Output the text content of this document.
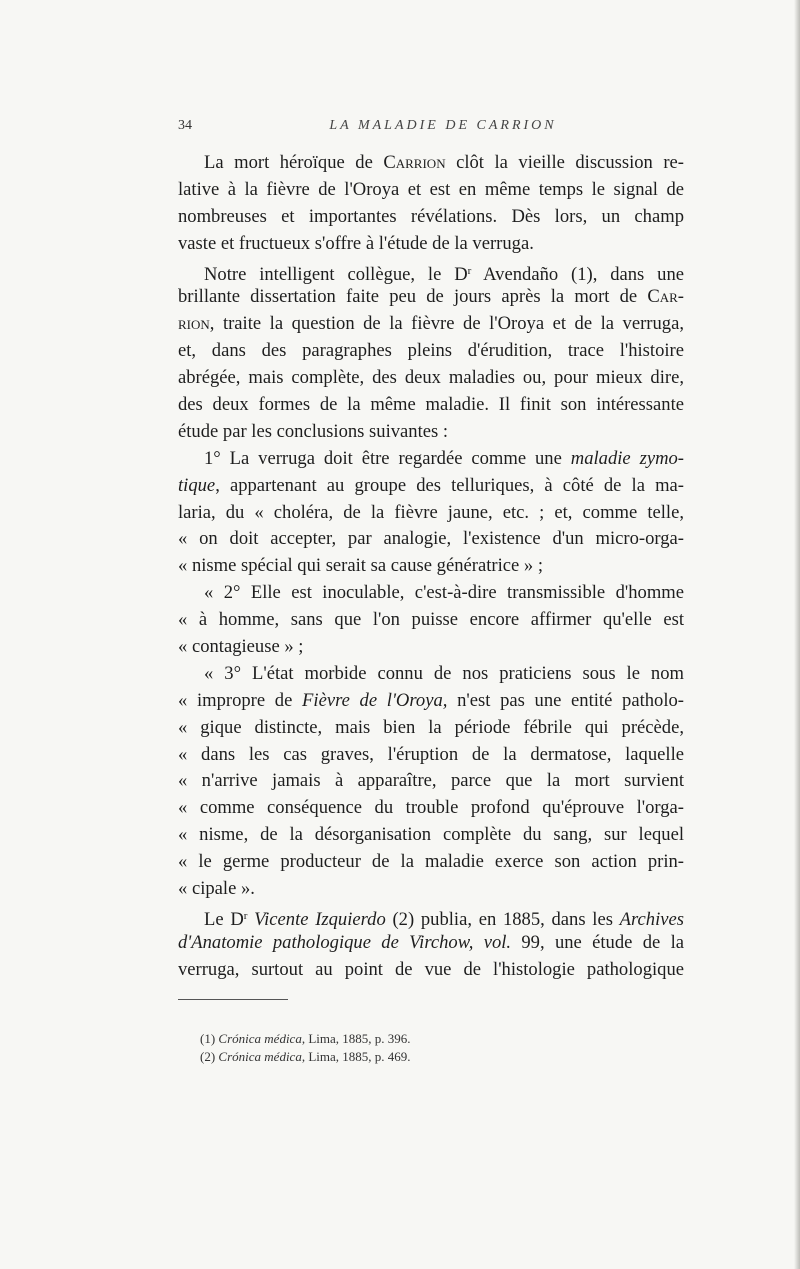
34	LA MALADIE DE CARRION
La mort héroïque de Carrion clôt la vieille discussion re-
lative à la fièvre de l'Oroya et est en même temps le signal de
nombreuses et importantes révélations. Dès lors, un champ
vaste et fructueux s'offre à l'étude de la verruga.
Notre intelligent collègue, le $D^r$ Avendaño (1), dans une
brillante dissertation faite peu de jours après la mort de Car-
rion, traite la question de la fièvre de l'Oroya et de la verruga,
et, dans des paragraphes pleins d'érudition, trace l'histoire
abrégée, mais complète, des deux maladies ou, pour mieux dire,
des deux formes de la même maladie. Il finit son intéressante
étude par les conclusions suivantes :
1° La verruga doit être regardée comme une maladie zymo-
tique, appartenant au groupe des telluriques, à côté de la ma-
laria, du « choléra, de la fièvre jaune, etc. ; et, comme telle,
« on doit accepter, par analogie, l'existence d'un micro-orga-
« nisme spécial qui serait sa cause génératrice » ;
« 2° Elle est inoculable, c'est-à-dire transmissible d'homme
« à homme, sans que l'on puisse encore affirmer qu'elle est
« contagieuse » ;
« 3° L'état morbide connu de nos praticiens sous le nom
« impropre de Fièvre de l'Oroya, n'est pas une entité patholo-
« gique distincte, mais bien la période fébrile qui précède,
« dans les cas graves, l'éruption de la dermatose, laquelle
« n'arrive jamais à apparaître, parce que la mort survient
« comme conséquence du trouble profond qu'éprouve l'orga-
« nisme, de la désorganisation complète du sang, sur lequel
« le germe producteur de la maladie exerce son action prin-
« cipale ».
Le $D^r$ Vicente Izquierdo (2) publia, en 1885, dans les Archives
d'Anatomie pathologique de Virchow, vol. 99, une étude de la
verruga, surtout au point de vue de l'histologie pathologique
(1) Crónica médica, Lima, 1885, p. 396.
(2) Crónica médica, Lima, 1885, p. 469.
